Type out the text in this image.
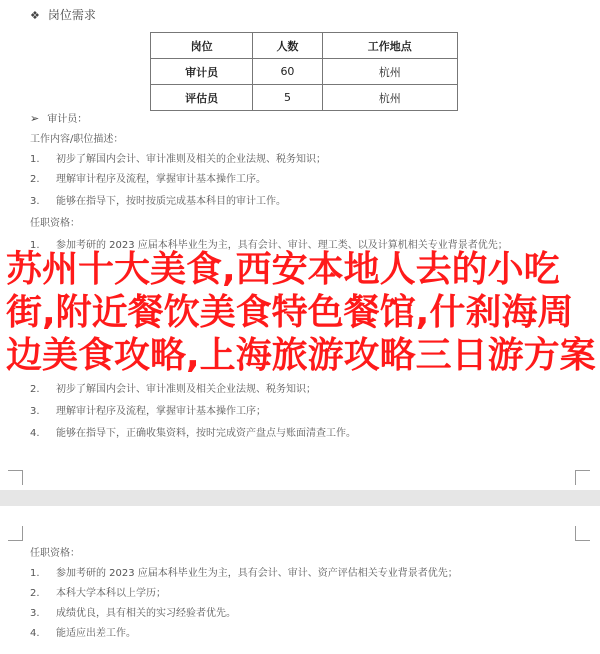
❖ 岗位需求
岗位	人数	工作地点
审计员	60	杭州
评估员	5	杭州
➢ 审计员：
工作内容/职位描述：
1. 初步了解国内会计、审计准则及相关的企业法规、税务知识；
2. 理解审计程序及流程，掌握审计基本操作工序。
3. 能够在指导下，按时按质完成基本科目的审计工作。
任职资格：
1. 参加考研的 2023 应届本科毕业生为主，具有会计、审计、理工类、以及计算机相关专业背景者优先；
2. 初步了解国内会计、审计准则及相关企业法规、税务知识；
3. 理解审计程序及流程，掌握审计基本操作工序；
4. 能够在指导下，正确收集资料，按时完成资产盘点与账面清查工作。
任职资格：
1. 参加考研的 2023 应届本科毕业生为主，具有会计、审计、资产评估相关专业背景者优先；
2. 本科大学本科以上学历；
3. 成绩优良，具有相关的实习经验者优先。
4. 能适应出差工作。
苏州十大美食,西安本地人去的小吃街,附近餐饮美食特色餐馆,什刹海周边美食攻略,上海旅游攻略三日游方案
